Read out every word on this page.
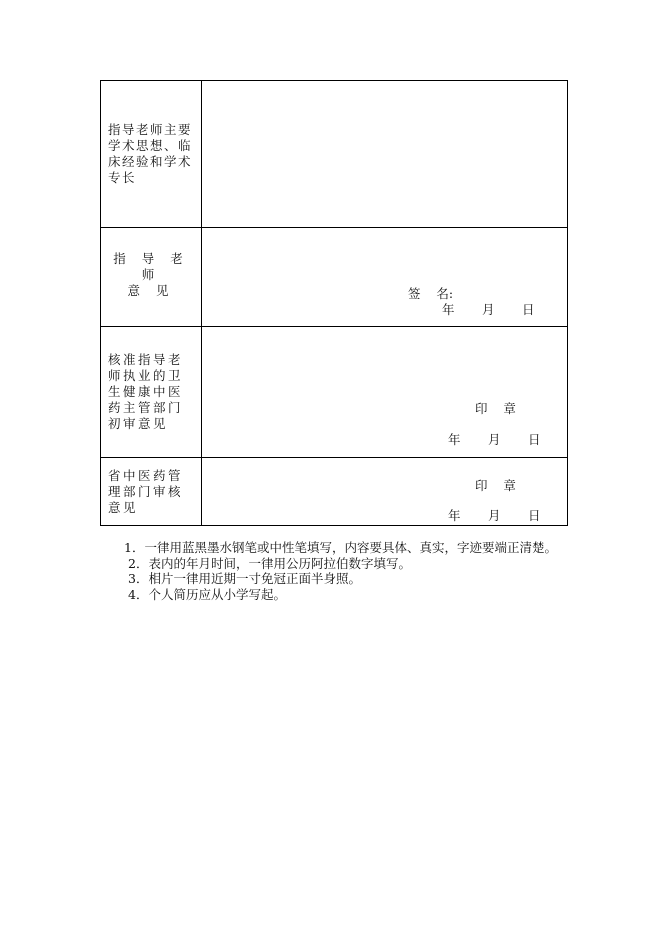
指导老师主要学术思想、临床经验和学术专长	

指 导 老 师
意 见	签    名:
年 月 日

核准指导老师执业的卫生健康中医药主管部门初审意见	印    章
年 月 日

省中医药管理部门审核意见	印    章
年 月 日

1．一律用蓝黑墨水钢笔或中性笔填写，内容要具体、真实，字迹要端正清楚。

2．表内的年月时间，一律用公历阿拉伯数字填写。

3．相片一律用近期一寸免冠正面半身照。

4．个人简历应从小学写起。
